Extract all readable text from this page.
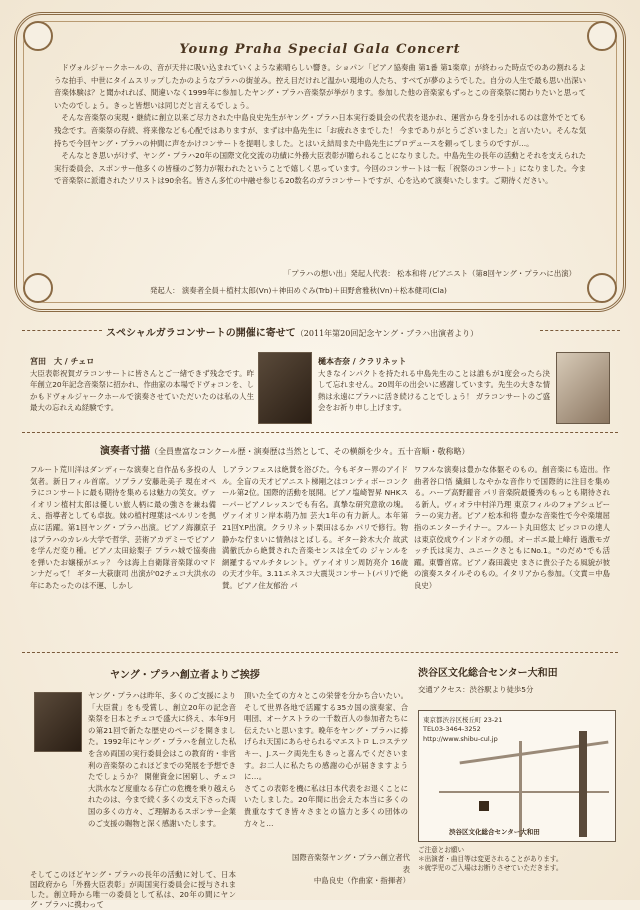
Young Praha Special Gala Concert

ドヴォルジャークホールの、音が天井に吸い込まれていくような素晴らしい響き。ショパン「ピアノ協奏曲 第1番 第1楽章」が終わった時点でのあの割れるような拍手、中世にタイムスリップしたかのようなプラハの街並み。控え目だけれど温かい現地の人たち、すべてが夢のようでした。自分の人生で最も思い出深い音楽体験は？と聞かれれば、間違いなく1999年に参加したヤング・プラハ音楽祭が挙がります。参加した他の音楽家もずっとこの音楽祭に関わりたいと思っていたのでしょう。きっと皆想いは同じだと言えるでしょう。

そんな音楽祭の実現・継続に創立以来ご尽力された中島良史先生がヤング・プラハ日本実行委員会の代表を退かれ、運営から身を引かれるのは意外でとても残念です。音楽祭の存続、将来像なども心配ではありますが、まずは中島先生に「お疲れさまでした！ 今までありがとうございました」と言いたい。そんな気持ちで今回ヤング・プラハの仲間に声をかけコンサートを提唱しました。とはいえ結局また中島先生にプロデュースを頼ってしまうのですが…。

そんなとき思いがけず、ヤング・プラハ20年の国際文化交流の功績に外務大臣表彰が贈られることになりました。中島先生の長年の活動とそれを支えられた実行委員会、スポンサー他多くの皆様のご努力が報われたということで嬉しく思っています。今回のコンサートは一転「祝祭のコンサート」になりました。今まで音楽祭に派遣されたソリストは90余名。皆さん多忙の中融せ参じる20数名のガラコンサートですが、心を込めて演奏いたします。ご期待ください。

「プラハの想い出」発起人代表： 松本和将 /ピアニスト（第8回ヤング・プラハに出演）
発起人： 演奏者全員＋植村太郎(Vn)＋神田めぐみ(Trb)＋田野倉雅秋(Vn)＋松本健司(Cla)
スペシャルガラコンサートの開催に寄せて（2011年第20回記念ヤング・プラハ出演者より）
宮田　大 / チェロ
大臣表彰祝賀ガラコンサートに皆さんとご一緒できず残念です。昨年創立20年記念音楽祭に招かれ、作曲家の本場でドヴォコンを、しかもドヴォルジャークホールで演奏させていただいたのは私の人生最大の忘れえぬ経験です。
樋本杏奈 / クラリネット
大きなインパクトを持たれる中島先生のことは誰もが1度会ったら決して忘れません。20周年の出会いに感謝しています。先生の大きな情熱は永遠にプラハに活き続けることでしょう！ ガラコンサートのご盛会をお祈り申し上げます。
演奏者寸描（全員豊富なコンクール歴・演奏歴は当然として、その横顔を少々。五十音順・敬称略）
フルート荒川洋はダンディーな演奏と自作品も多投の人気者。新日フィル首席。ソプラノ安藤赴美子 現在オペラにコンサートに最も期待を集めるは魅力の笑女。ヴァイオリン植村太郎は優しい旅人柄に最の強さを兼ね備え、指導者としても卓抜。妹の植村理葉はベルリンを拠点に活躍。第1回ヤング・プラハ出演。ピアノ海瀬京子はプラハのカレル大学で哲学、芸術アカデミーでピアノを学んだ変り種。ピアノ太田絵梨子 プラハ城で協奏曲を弾いたお嬢様がエッ？ 今は海上自衛隊音楽隊のマドンナだって！ ギター大萩康司 出演が'02チェコ大洪水の年にあたったのは不運、しかし
しアランフェスは絶賛を浴びた。今もギター界のアイドル。全盲の天才ピアニスト梯剛之はコンティボーコンクール第2位。国際的活動を展開。ピアノ塩崎智昇 NHKスーパーピアノレッスンでも有名。真摯な研究意欲の塊。ヴァイオリン岸本萌乃加 芸大1年の有力新人。本年第21回Y.P出演。クラリネット栗田はるか パリで修行。物静かな佇まいに情熱はとばしる。ギター鈴木大介 故武満徹氏から絶賛された音楽センスは全ての ジャンルを網羅するマルチタレント。ヴァイオリン周防亮介 16歳の天才少年。3.11エネスコ大震災コンサート(パリ)で絶賛。ピアノ住友郁治 パ
ワフルな演奏は豊かな体躯そのもの。創音楽にも造出。作曲者谷口悟 繊細しなやかな音作りで国際的に注目を集める。ハープ高野麗音 パリ音楽院最優秀のもっとも期待される新人。ヴィオラ中村洋乃理 東京フィルのフォアシュピーラーの実力者。ピアノ松本和将 豊かな音楽性で今や楽壇屈指のエンターテイナー。フルート丸田悠太 ピッコロの達人は東京佼成ウインドオケの顔。オーボエ最上峰行 過激モガッチ氏は実力、ユニークさともにNo.1。"のだめ"でも活躍。東響首席。ピアノ森田義史 まさに貴公子たる風貌が彼の演奏スタイルそのもの。イタリアから参加。（文責＝中島良史）
ヤング・プラハ創立者よりご挨拶
ヤング・プラハは昨年、多くのご支援により「大臣賞」をも受賞し、創立20年の記念音楽祭を日本とチェコで盛大に終え、本年9月の第21回で新たな歴史のページを開きました。1992年にヤング・プラハを創立した私を含め両国の実行委員会はこの教育的・非営利の音楽祭のこれほどまでの発展を予想できたでしょうか？ 開催資金に困窮し、チェコ大洪水など度重なる存亡の危機を乗り越えられたのは、今まで続く多くの支え下さった両国の多くの方々、ご理解あるスポンサー企業のご支援の賜物と深く感謝いたします。
そしてこのほどヤング・プラハの長年の活動に対して、日本国政府から「外務大臣表彰」が両国実行委員会に授与されました。創立時から唯一の委員として私は、20年の間にヤング・プラハに携わって
頂いた全ての方々とこの栄誉を分かち合いたい。そして世界各地で活躍する35カ国の演奏家、合唱団、オーケストラの一千数百人の参加者たちに伝えたいと思います。晩年をヤング・プラハに捧げられ天国にあらせられるマエストロ L.コステツキー、J.スーク両先生もきっと喜んでくださいます。お二人に私たちの感謝の心が届きますように…。
さてこの表彰を機に私は日本代表をお退くことにいたしました。20年間に出会えた本当に多くの貴重なすてき皆々さまとの協力と多くの団体の方々と…
国際音楽祭ヤング・プラハ創立者代表
中島良史（作曲家・指揮者）
渋谷区文化総合センター大和田
交通アクセス：渋谷駅より徒歩5分
東京都渋谷区桜丘町 23-21
TEL03-3464-3252
http://www.shibu-cul.jp
渋谷区文化総合センター大和田
ご注意とお願い
＊出演者・曲目等は変更されることがあります。
＊就学児のご入場はお断りさせていただきます。
